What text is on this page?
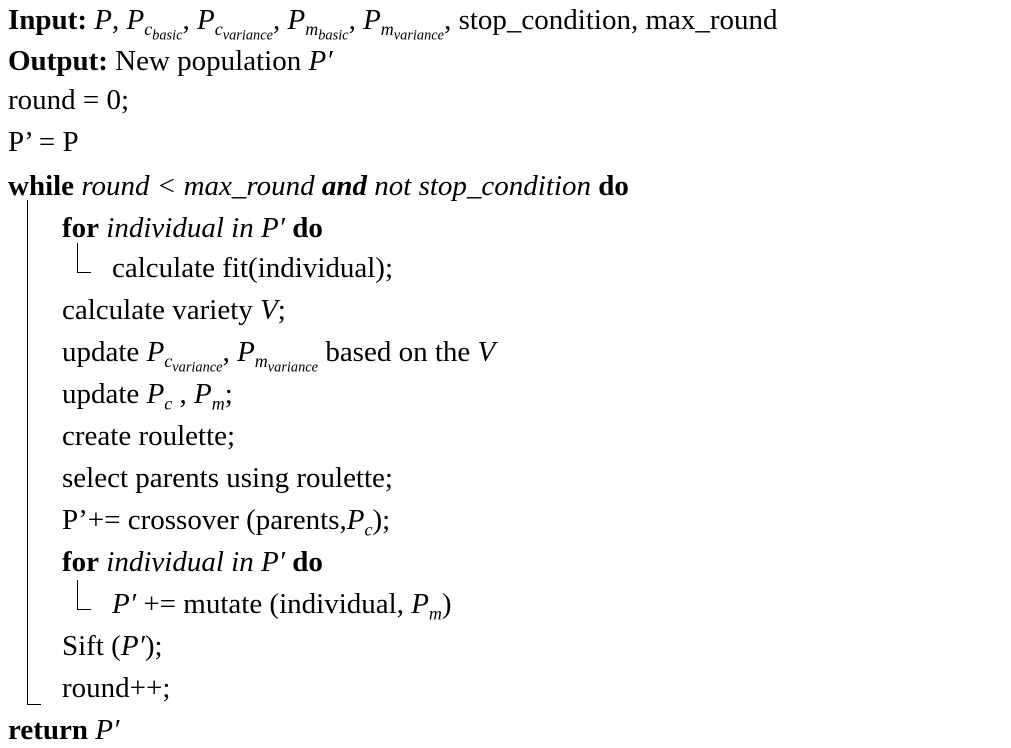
Input: P, $P_{c_{basic}}$, $P_{c_{variance}}$, $P_{m_{basic}}$, $P_{m_{variance}}$, stop_condition, max_round
Output: New population P′
round = 0;
P’ = P
while round < max_round and not stop_condition do
for individual in P′ do
calculate fit(individual);
calculate variety V;
update $P_{c_{variance}}$, $P_{m_{variance}}$ based on the V
update $P_c$ , $P_m$;
create roulette;
select parents using roulette;
P’+= crossover $(parents,P_c)$;
for individual in P′ do
P′ += mutate (individual, $P_m$)
Sift (P′);
round++;
return P′
